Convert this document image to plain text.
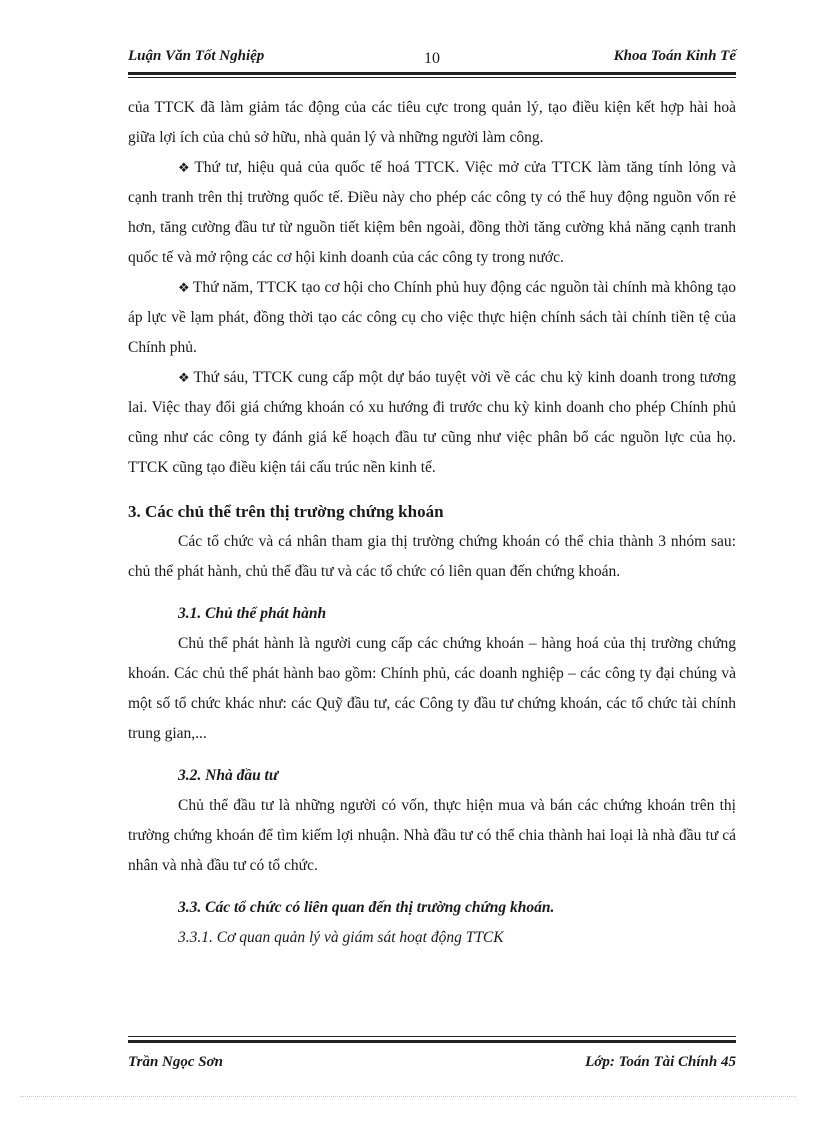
Luận Văn Tốt Nghiệp	10	Khoa Toán Kinh Tế

của TTCK đã làm giảm tác động của các tiêu cực trong quản lý, tạo điều kiện kết hợp hài hoà giữa lợi ích của chủ sở hữu, nhà quản lý và những người làm công.

❖ Thứ tư, hiệu quả của quốc tế hoá TTCK. Việc mở cửa TTCK làm tăng tính lỏng và cạnh tranh trên thị trường quốc tế. Điều này cho phép các công ty có thể huy động nguồn vốn rẻ hơn, tăng cường đầu tư từ nguồn tiết kiệm bên ngoài, đồng thời tăng cường khả năng cạnh tranh quốc tế và mở rộng các cơ hội kinh doanh của các công ty trong nước.

❖ Thứ năm, TTCK tạo cơ hội cho Chính phủ huy động các nguồn tài chính mà không tạo áp lực về lạm phát, đồng thời tạo các công cụ cho việc thực hiện chính sách tài chính tiền tệ của Chính phủ.

❖ Thứ sáu, TTCK cung cấp một dự báo tuyệt vời về các chu kỳ kinh doanh trong tương lai. Việc thay đổi giá chứng khoán có xu hướng đi trước chu kỳ kinh doanh cho phép Chính phủ cũng như các công ty đánh giá kế hoạch đầu tư cũng như việc phân bổ các nguồn lực của họ. TTCK cũng tạo điều kiện tái cấu trúc nền kinh tế.

3. Các chủ thể trên thị trường chứng khoán

Các tổ chức và cá nhân tham gia thị trường chứng khoán có thể chia thành 3 nhóm sau: chủ thể phát hành, chủ thể đầu tư và các tổ chức có liên quan đến chứng khoán.

3.1. Chủ thể phát hành

Chủ thể phát hành là người cung cấp các chứng khoán – hàng hoá của thị trường chứng khoán. Các chủ thể phát hành bao gồm: Chính phủ, các doanh nghiệp – các công ty đại chúng và một số tổ chức khác như: các Quỹ đầu tư, các Công ty đầu tư chứng khoán, các tổ chức tài chính trung gian,...

3.2. Nhà đầu tư

Chủ thể đầu tư là những người có vốn, thực hiện mua và bán các chứng khoán trên thị trường chứng khoán để tìm kiếm lợi nhuận. Nhà đầu tư có thể chia thành hai loại là nhà đầu tư cá nhân và nhà đầu tư có tổ chức.

3.3. Các tổ chức có liên quan đến thị trường chứng khoán.
3.3.1. Cơ quan quản lý và giám sát hoạt động TTCK
Trần Ngọc Sơn	Lớp: Toán Tài Chính 45
